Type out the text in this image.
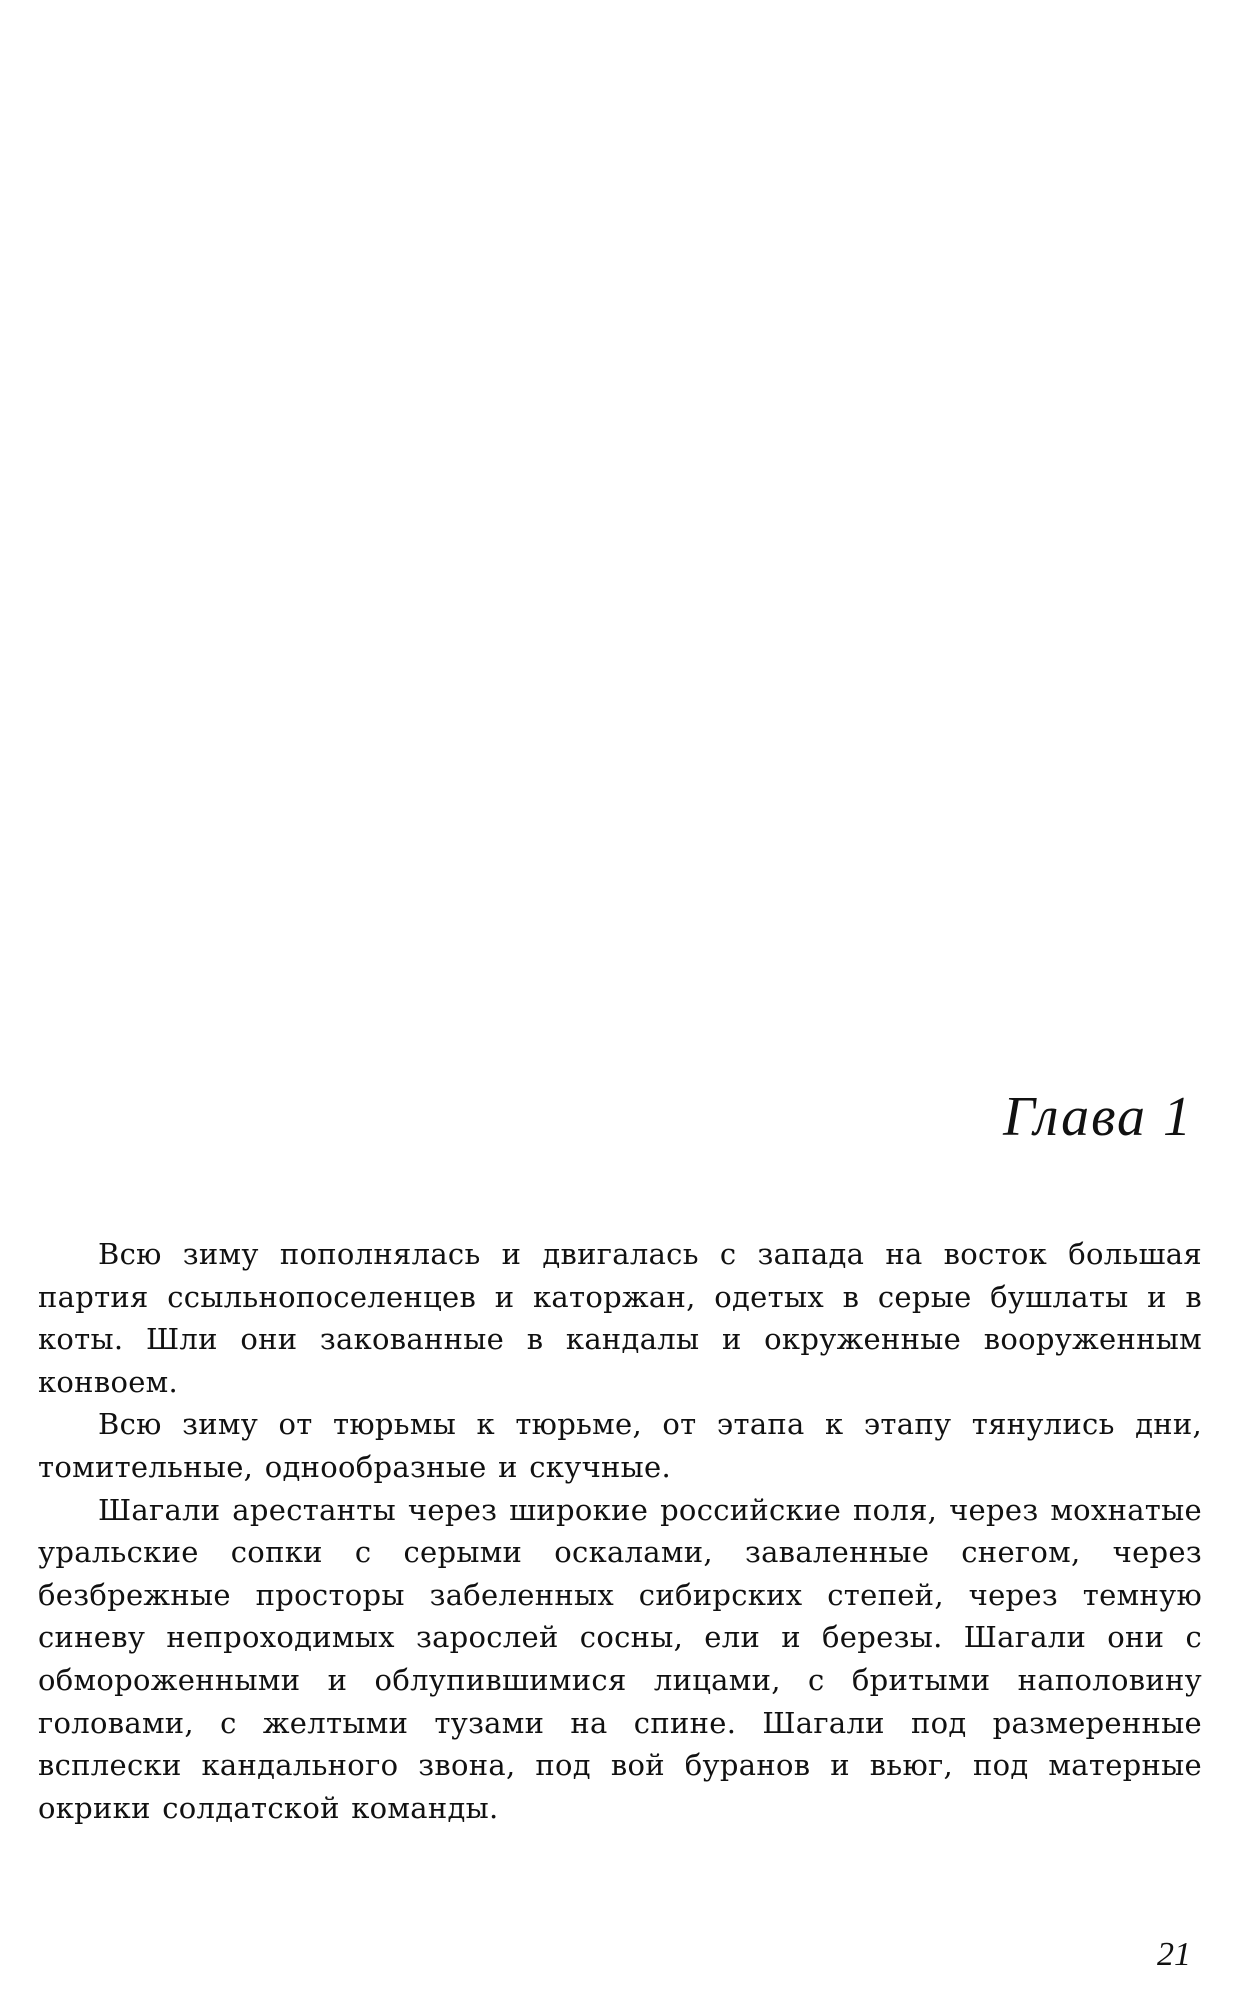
Глава 1

Всю зиму пополнялась и двигалась с запада на восток большая партия ссыльнопоселенцев и каторжан, одетых в серые бушлаты и в коты. Шли они закованные в кандалы и окруженные вооруженным конвоем.

Всю зиму от тюрьмы к тюрьме, от этапа к этапу тянулись дни, томительные, однообразные и скучные.

Шагали арестанты через широкие российские поля, через мохнатые уральские сопки с серыми оскалами, заваленные снегом, через безбрежные просторы забеленных сибирских степей, через темную синеву непроходимых зарослей сосны, ели и березы. Шагали они с обмороженными и облупившимися лицами, с бритыми наполовину головами, с желтыми тузами на спине. Шагали под размеренные всплески кандального звона, под вой буранов и вьюг, под матерные окрики солдатской команды.

21
